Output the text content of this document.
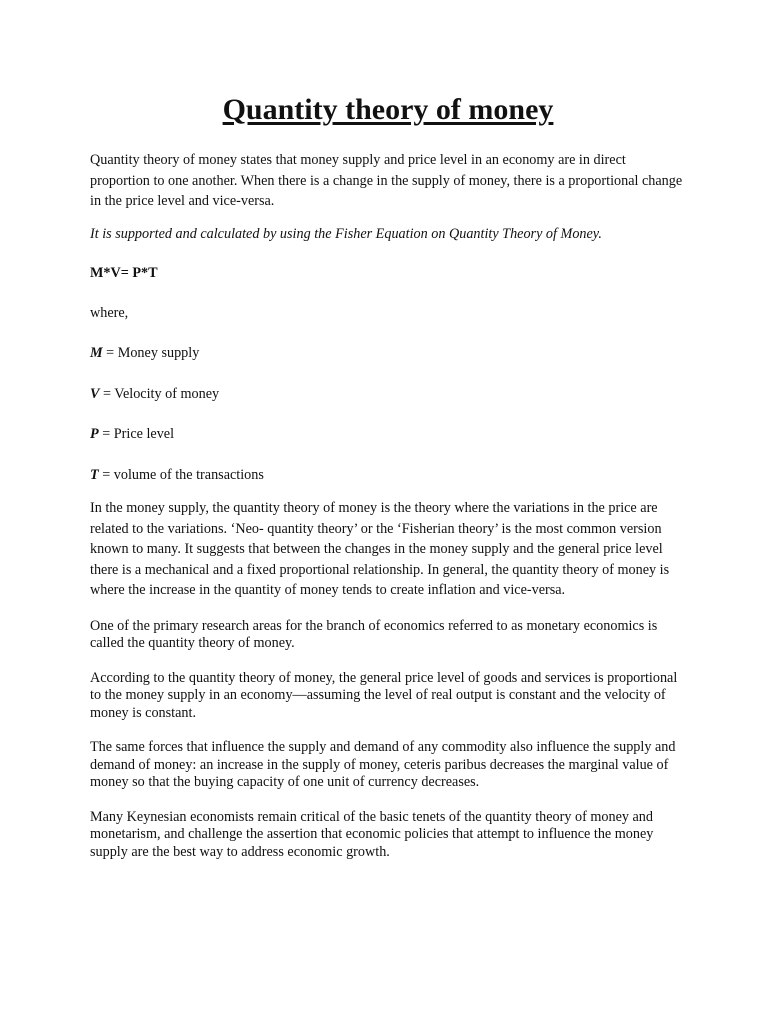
Quantity theory of money

Quantity theory of money states that money supply and price level in an economy are in direct proportion to one another. When there is a change in the supply of money, there is a proportional change in the price level and vice-versa.

It is supported and calculated by using the Fisher Equation on Quantity Theory of Money.

M*V= P*T

where,

M = Money supply

V = Velocity of money

P = Price level

T = volume of the transactions

In the money supply, the quantity theory of money is the theory where the variations in the price are related to the variations. ‘Neo- quantity theory’ or the ‘Fisherian theory’ is the most common version known to many. It suggests that between the changes in the money supply and the general price level there is a mechanical and a fixed proportional relationship. In general, the quantity theory of money is where the increase in the quantity of money tends to create inflation and vice-versa.

One of the primary research areas for the branch of economics referred to as monetary economics is called the quantity theory of money.

According to the quantity theory of money, the general price level of goods and services is proportional to the money supply in an economy—assuming the level of real output is constant and the velocity of money is constant.

The same forces that influence the supply and demand of any commodity also influence the supply and demand of money: an increase in the supply of money, ceteris paribus decreases the marginal value of money so that the buying capacity of one unit of currency decreases.

Many Keynesian economists remain critical of the basic tenets of the quantity theory of money and monetarism, and challenge the assertion that economic policies that attempt to influence the money supply are the best way to address economic growth.
